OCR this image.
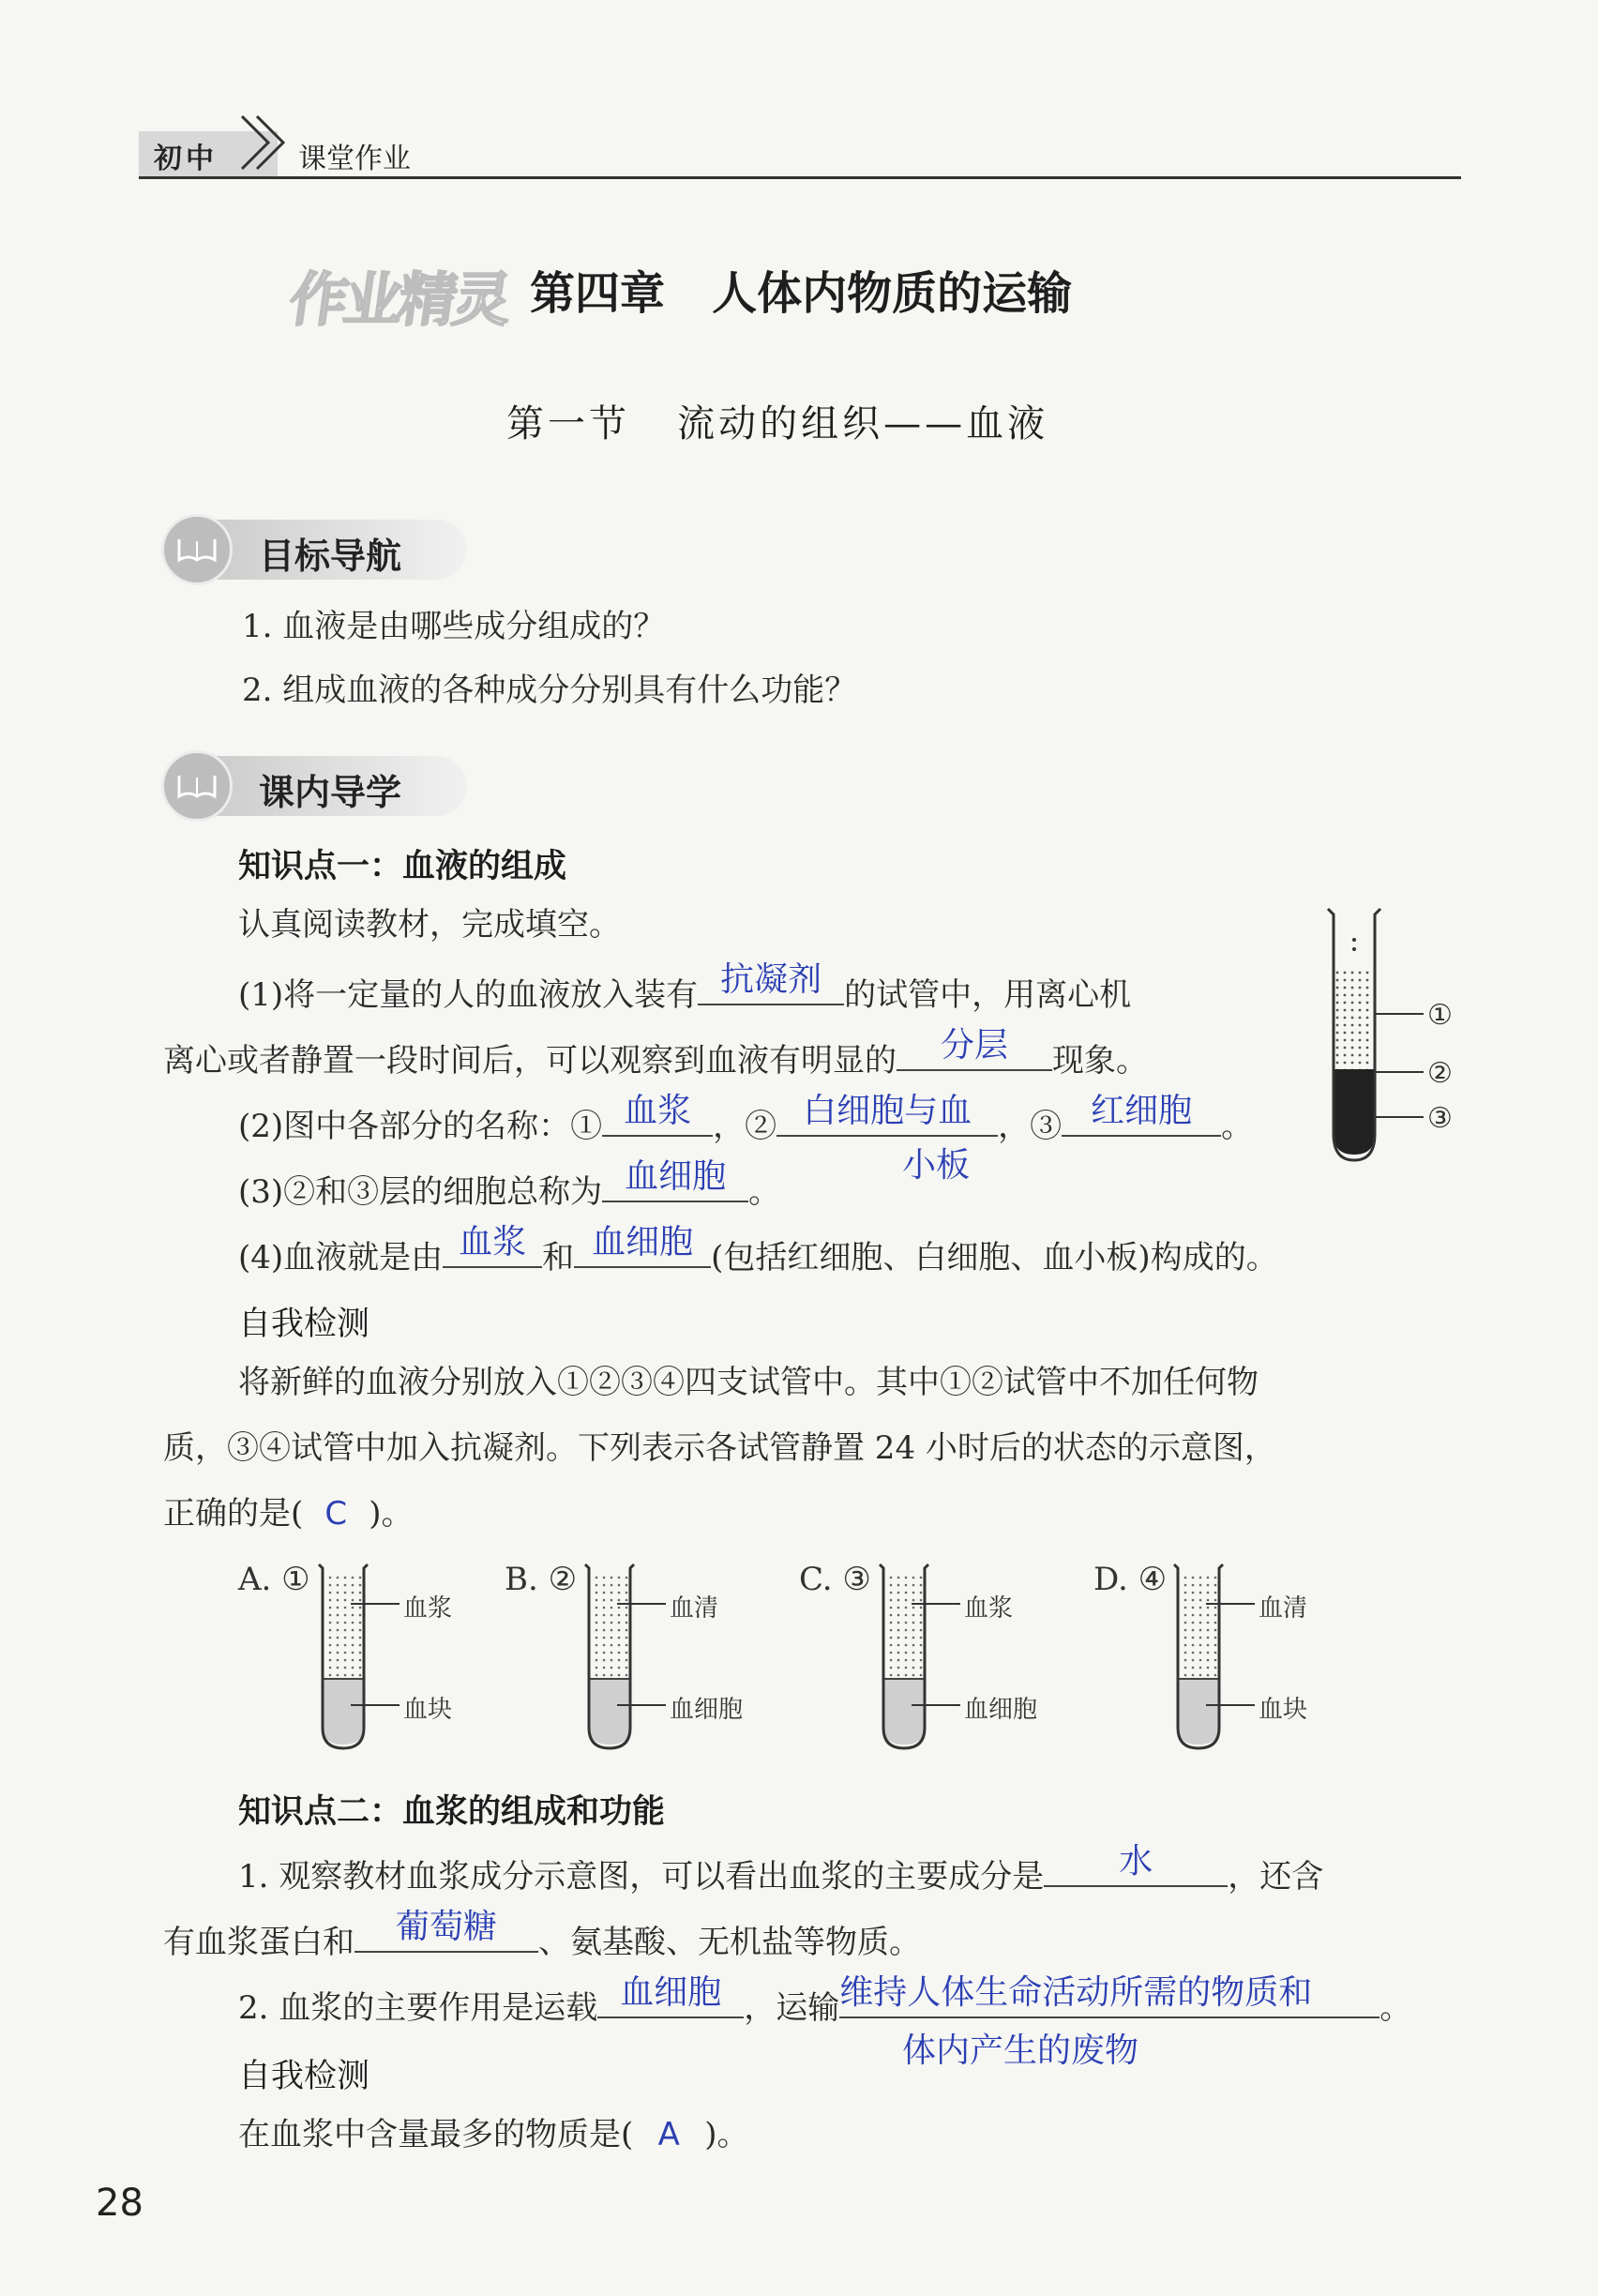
初中	课堂作业
作业精灵 第四章   人体内物质的运输
第一节   流动的组织——血液
目标导航
1. 血液是由哪些成分组成的？
2. 组成血液的各种成分分别具有什么功能？
课内导学
知识点一：血液的组成
认真阅读教材，完成填空。
(1)将一定量的人的血液放入装有 抗凝剂 的试管中，用离心机
离心或者静置一段时间后，可以观察到血液有明显的	分层	现象。
(2)图中各部分的名称：① 血浆 ，② 白细胞与血 ，③ 红细胞 。
小板
(3)②和③层的细胞总称为 血细胞 。
(4)血液就是由 血浆 和 血细胞 (包括红细胞、白细胞、血小板)构成的。
①
②
③
自我检测
将新鲜的血液分别放入①②③④四支试管中。其中①②试管中不加任何物
质，③④试管中加入抗凝剂。下列表示各试管静置 24 小时后的状态的示意图，
正确的是( C )。
A. ①
血浆
血块
B. ②
血清
血细胞
C. ③
血浆
血细胞
D. ④
血清
血块
知识点二：血浆的组成和功能
1. 观察教材血浆成分示意图，可以看出血浆的主要成分是	水	，还含
有血浆蛋白和	葡萄糖	、氨基酸、无机盐等物质。
2. 血浆的主要作用是运载 血细胞 ，运输 维持人体生命活动所需的物质和	。
体内产生的废物
自我检测
在血浆中含量最多的物质是( A )。
28
